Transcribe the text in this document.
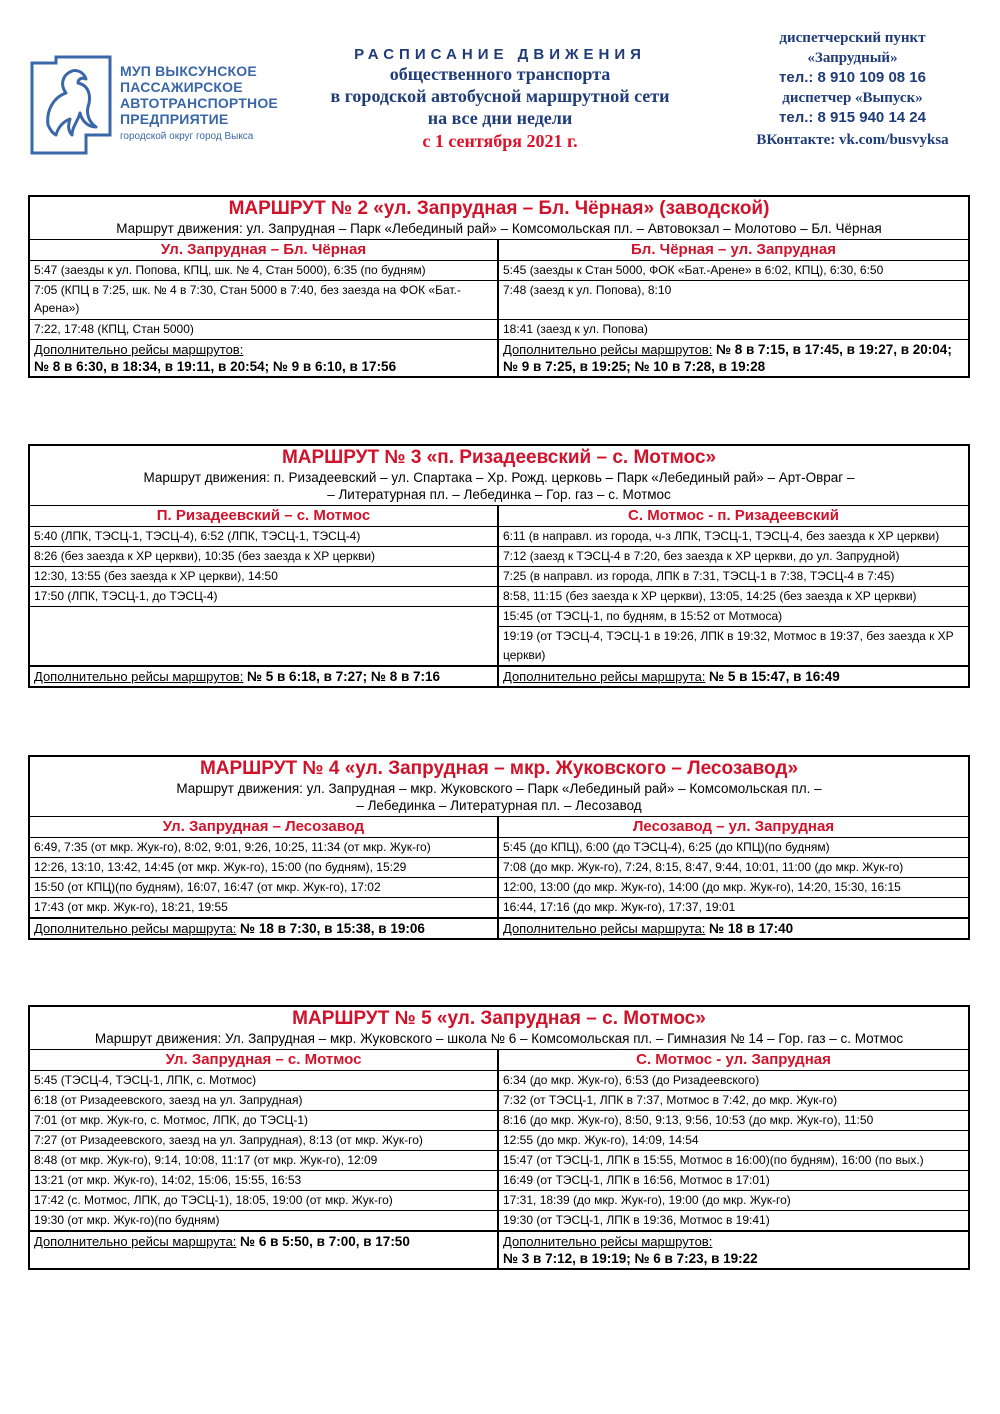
МУП ВЫКСУНСКОЕ
ПАССАЖИРСКОЕ
АВТОТРАНСПОРТНОЕ
ПРЕДПРИЯТИЕ
городской округ город Выкса
РАСПИСАНИЕ ДВИЖЕНИЯ
общественного транспорта
в городской автобусной маршрутной сети
на все дни недели
с 1 сентября 2021 г.
диспетчерский пункт
«Запрудный»
тел.: 8 910 109 08 16
диспетчер «Выпуск»
тел.: 8 915 940 14 24
ВКонтакте: vk.com/busvyksa
МАРШРУТ № 2 «ул. Запрудная – Бл. Чёрная» (заводской)
Маршрут движения: ул. Запрудная – Парк «Лебединый рай» – Комсомольская пл. – Автовокзал – Молотово – Бл. Чёрная
Ул. Запрудная – Бл. Чёрная
5:47 (заезды к ул. Попова, КПЦ, шк. № 4, Стан 5000), 6:35 (по будням)
7:05 (КПЦ в 7:25, шк. № 4 в 7:30, Стан 5000 в 7:40, без заезда на ФОК «Бат.-Арена»)
7:22, 17:48 (КПЦ, Стан 5000)
Дополнительно рейсы маршрутов:
№ 8 в 6:30, в 18:34, в 19:11, в 20:54; № 9 в 6:10, в 17:56
Бл. Чёрная – ул. Запрудная
5:45 (заезды к Стан 5000, ФОК «Бат.-Арене» в 6:02, КПЦ), 6:30, 6:50
7:48 (заезд к ул. Попова), 8:10
18:41 (заезд к ул. Попова)
Дополнительно рейсы маршрутов: № 8 в 7:15, в 17:45, в 19:27, в 20:04;
№ 9 в 7:25, в 19:25; № 10 в 7:28, в 19:28
МАРШРУТ № 3 «п. Ризадеевский – с. Мотмос»
Маршрут движения: п. Ризадеевский – ул. Спартака – Хр. Рожд. церковь – Парк «Лебединый рай» – Арт-Овраг –
– Литературная пл. – Лебединка – Гор. газ – с. Мотмос
П. Ризадеевский – с. Мотмос
5:40 (ЛПК, ТЭСЦ-1, ТЭСЦ-4), 6:52 (ЛПК, ТЭСЦ-1, ТЭСЦ-4)
8:26 (без заезда к ХР церкви), 10:35 (без заезда к ХР церкви)
12:30, 13:55 (без заезда к ХР церкви), 14:50
17:50 (ЛПК, ТЭСЦ-1, до ТЭСЦ-4)
Дополнительно рейсы маршрутов: № 5 в 6:18, в 7:27; № 8 в 7:16
С. Мотмос - п. Ризадеевский
6:11 (в направл. из города, ч-з ЛПК, ТЭСЦ-1, ТЭСЦ-4, без заезда к ХР церкви)
7:12 (заезд к ТЭСЦ-4 в 7:20, без заезда к ХР церкви, до ул. Запрудной)
7:25 (в направл. из города, ЛПК в 7:31, ТЭСЦ-1 в 7:38, ТЭСЦ-4 в 7:45)
8:58, 11:15 (без заезда к ХР церкви), 13:05, 14:25 (без заезда к ХР церкви)
15:45 (от ТЭСЦ-1, по будням, в 15:52 от Мотмоса)
19:19 (от ТЭСЦ-4, ТЭСЦ-1 в 19:26, ЛПК в 19:32, Мотмос в 19:37, без заезда к ХР церкви)
Дополнительно рейсы маршрута: № 5 в 15:47, в 16:49
МАРШРУТ № 4 «ул. Запрудная – мкр. Жуковского – Лесозавод»
Маршрут движения: ул. Запрудная – мкр. Жуковского – Парк «Лебединый рай» – Комсомольская пл. –
– Лебединка – Литературная пл. – Лесозавод
Ул. Запрудная – Лесозавод
6:49, 7:35 (от мкр. Жук-го), 8:02, 9:01, 9:26, 10:25, 11:34 (от мкр. Жук-го)
12:26, 13:10, 13:42, 14:45 (от мкр. Жук-го), 15:00 (по будням), 15:29
15:50 (от КПЦ)(по будням), 16:07, 16:47 (от мкр. Жук-го), 17:02
17:43 (от мкр. Жук-го), 18:21, 19:55
Дополнительно рейсы маршрута: № 18 в 7:30, в 15:38, в 19:06
Лесозавод – ул. Запрудная
5:45 (до КПЦ), 6:00 (до ТЭСЦ-4), 6:25 (до КПЦ)(по будням)
7:08 (до мкр. Жук-го), 7:24, 8:15, 8:47, 9:44, 10:01, 11:00 (до мкр. Жук-го)
12:00, 13:00 (до мкр. Жук-го), 14:00 (до мкр. Жук-го), 14:20, 15:30, 16:15
16:44, 17:16 (до мкр. Жук-го), 17:37, 19:01
Дополнительно рейсы маршрута: № 18 в 17:40
МАРШРУТ № 5 «ул. Запрудная – с. Мотмос»
Маршрут движения: Ул. Запрудная – мкр. Жуковского – школа № 6 – Комсомольская пл. – Гимназия № 14 – Гор. газ – с. Мотмос
Ул. Запрудная – с. Мотмос
5:45 (ТЭСЦ-4, ТЭСЦ-1, ЛПК, с. Мотмос)
6:18 (от Ризадеевского, заезд на ул. Запрудная)
7:01 (от мкр. Жук-го, с. Мотмос, ЛПК, до ТЭСЦ-1)
7:27 (от Ризадеевского, заезд на ул. Запрудная), 8:13 (от мкр. Жук-го)
8:48 (от мкр. Жук-го), 9:14, 10:08, 11:17 (от мкр. Жук-го), 12:09
13:21 (от мкр. Жук-го), 14:02, 15:06, 15:55, 16:53
17:42 (с. Мотмос, ЛПК, до ТЭСЦ-1), 18:05, 19:00 (от мкр. Жук-го)
19:30 (от мкр. Жук-го)(по будням)
Дополнительно рейсы маршрута: № 6 в 5:50, в 7:00, в 17:50
С. Мотмос - ул. Запрудная
6:34 (до мкр. Жук-го), 6:53 (до Ризадеевского)
7:32 (от ТЭСЦ-1, ЛПК в 7:37, Мотмос в 7:42, до мкр. Жук-го)
8:16 (до мкр. Жук-го), 8:50, 9:13, 9:56, 10:53 (до мкр. Жук-го), 11:50
12:55 (до мкр. Жук-го), 14:09, 14:54
15:47 (от ТЭСЦ-1, ЛПК в 15:55, Мотмос в 16:00)(по будням), 16:00 (по вых.)
16:49 (от ТЭСЦ-1, ЛПК в 16:56, Мотмос в 17:01)
17:31, 18:39 (до мкр. Жук-го), 19:00 (до мкр. Жук-го)
19:30 (от ТЭСЦ-1, ЛПК в 19:36, Мотмос в 19:41)
Дополнительно рейсы маршрутов:
№ 3 в 7:12, в 19:19; № 6 в 7:23, в 19:22
